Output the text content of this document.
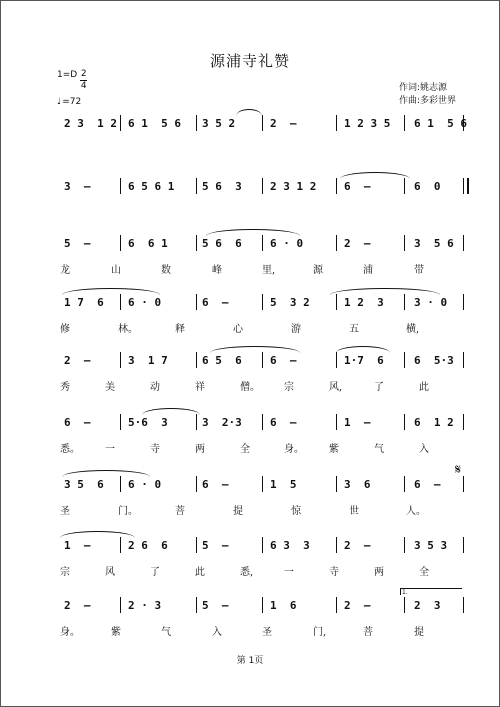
源浦寺礼赞
1=D 2
4
♩ =72
作词:姚志源
作曲:多彩世界
2 3  1 2 6 1  5 6 3 5 2	2  –	1 2 3 5 6 1  5 6
3  –	6 5 6 1	5 6  3	2 3 1 2	6  –	6  0
5  –	6  6 1	5 6  6	6 · 0	2  –	3  5 6
龙	山	数	峰	里,	源	浦	带
1 7  6 6 · 0	6  –	5  3 2	1 2  3	3 · 0
修	林。	释	心	游	五	横,
2  –	3  1 7	6 5  6	6  –	1·7  6	6  5·3
秀	美	动	祥	僧。 宗	风,	了	此
6  –	5·6  3	3  2·3	6  –	1  –	6  1 2
悉。	一	寺	两	全	身。	紫	气	入
3 5  6 6 · 0	6  –	1  5	3  6	6  –
圣	门。	菩	提	惊	世	人。
1  –	2 6  6	5  –	6 3  3	2  –	3 5 3
宗	风	了	此	悉,	一	寺	两	全
2  –	2 · 3	5  –	1  6	2  –	2  3
身。	紫	气	入	圣	门,	菩	提
𝄋
1.
第 1页
